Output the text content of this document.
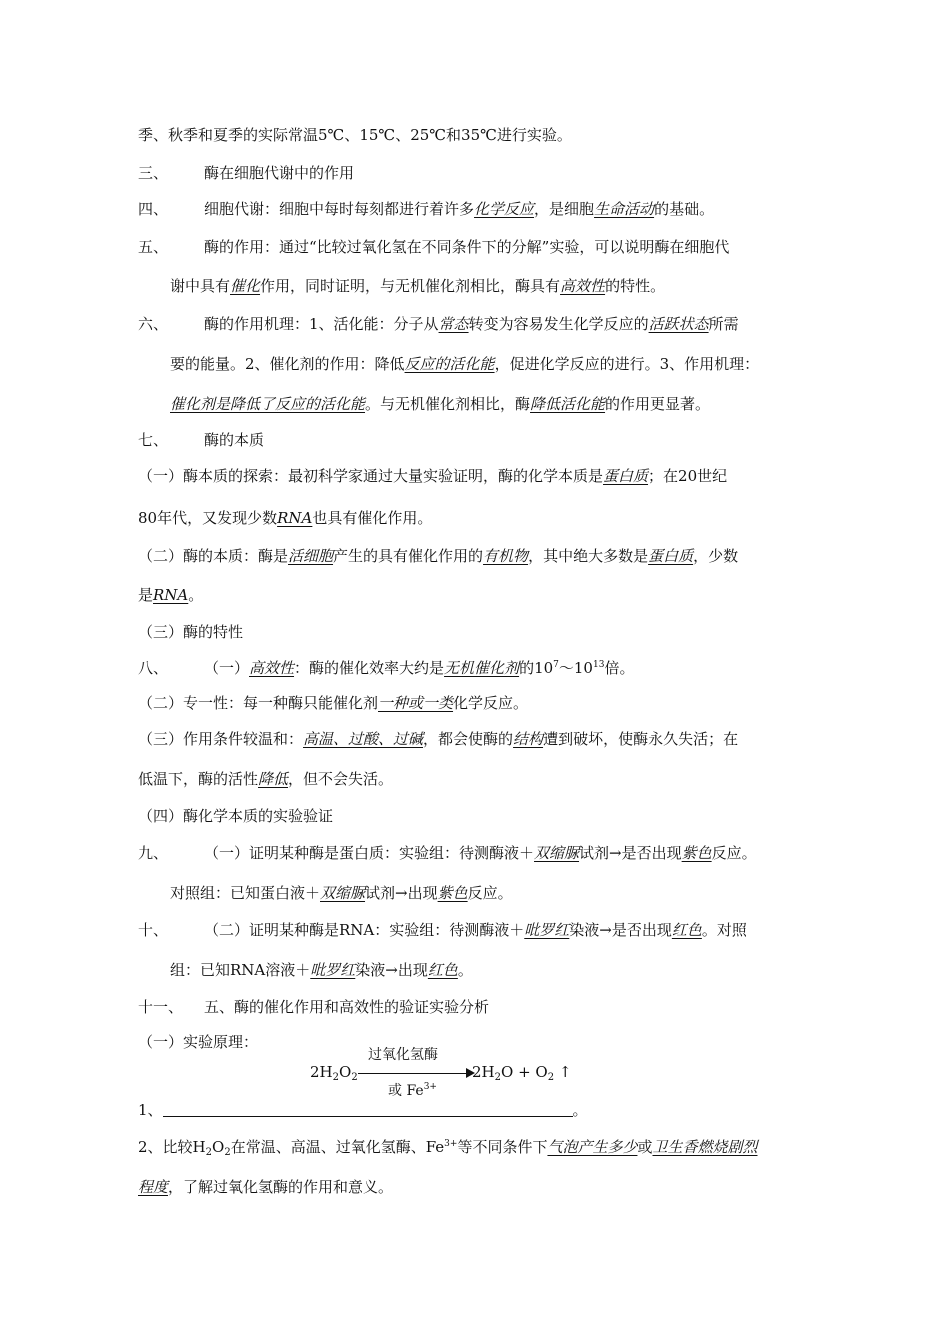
季、秋季和夏季的实际常温5℃、15℃、25℃和35℃进行实验。
三、 酶在细胞代谢中的作用
四、 细胞代谢：细胞中每时每刻都进行着许多化学反应，是细胞生命活动的基础。
五、 酶的作用：通过“比较过氧化氢在不同条件下的分解”实验，可以说明酶在细胞代
谢中具有催化作用，同时证明，与无机催化剂相比，酶具有高效性的特性。
六、 酶的作用机理：1、活化能：分子从常态转变为容易发生化学反应的活跃状态所需
要的能量。2、催化剂的作用：降低反应的活化能，促进化学反应的进行。3、作用机理：
催化剂是降低了反应的活化能。与无机催化剂相比，酶降低活化能的作用更显著。
七、 酶的本质
（一）酶本质的探索：最初科学家通过大量实验证明，酶的化学本质是蛋白质；在20世纪
80年代，又发现少数RNA也具有催化作用。
（二）酶的本质：酶是活细胞产生的具有催化作用的有机物，其中绝大多数是蛋白质，少数
是RNA。
（三）酶的特性
八、 （一）高效性：酶的催化效率大约是无机催化剂的$10^7\sim 10^{13}$倍。
（二）专一性：每一种酶只能催化剂一种或一类化学反应。
（三）作用条件较温和：高温、过酸、过碱，都会使酶的结构遭到破坏，使酶永久失活；在
低温下，酶的活性降低，但不会失活。
（四）酶化学本质的实验验证
九、 （一）证明某种酶是蛋白质：实验组：待测酶液＋双缩脲试剂→是否出现紫色反应。
对照组：已知蛋白液＋双缩脲试剂→出现紫色反应。
十、 （二）证明某种酶是RNA：实验组：待测酶液＋吡罗红染液→是否出现红色。对照
组：已知RNA溶液＋吡罗红染液→出现红色。
十一、 五、酶的催化作用和高效性的验证实验分析
（一）实验原理：
$2H_2O_2$
过氧化氢酶
或 $Fe^{3+}$
$2H_2O + O_2$ ↑
1、	。
2、比较$H_2O_2$在常温、高温、过氧化氢酶、$Fe^{3+}$等不同条件下气泡产生多少或卫生香燃烧剧烈
程度，了解过氧化氢酶的作用和意义。
